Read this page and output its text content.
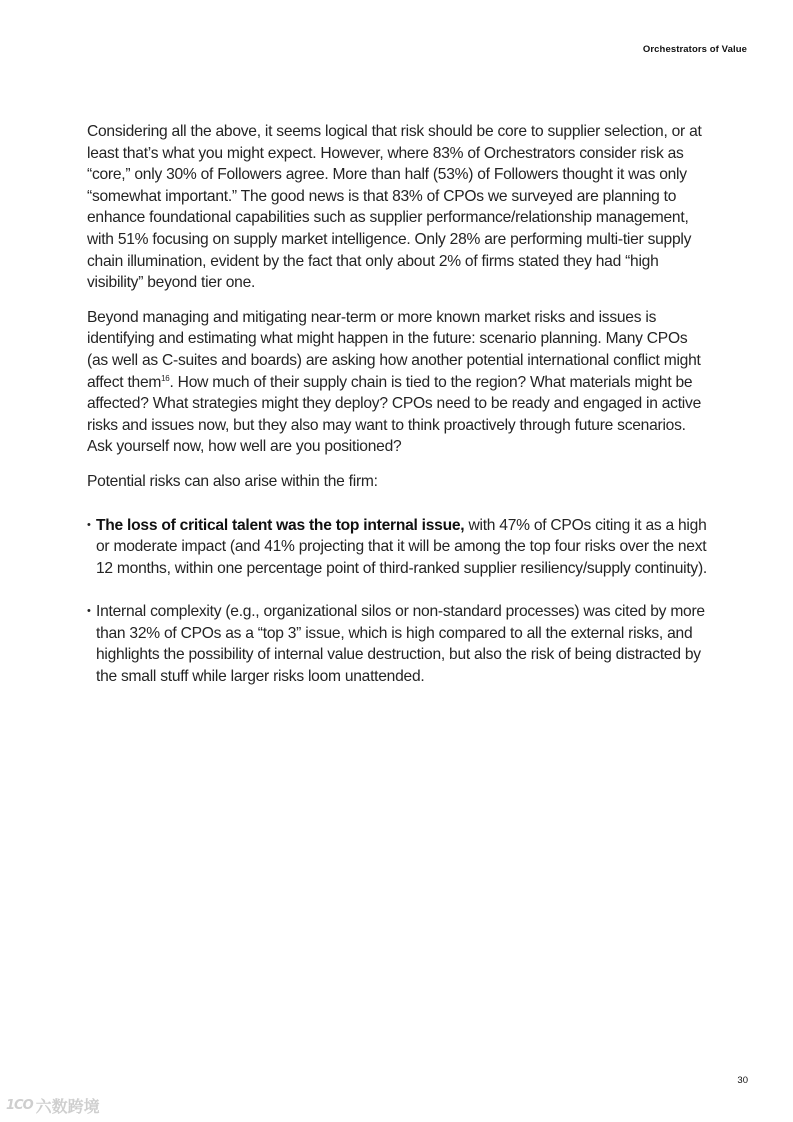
Orchestrators of Value

Considering all the above, it seems logical that risk should be core to supplier selection, or at least that’s what you might expect. However, where 83% of Orchestrators consider risk as “core,” only 30% of Followers agree. More than half (53%) of Followers thought it was only “somewhat important.” The good news is that 83% of CPOs we surveyed are planning to enhance foundational capabilities such as supplier performance/relationship management, with 51% focusing on supply market intelligence. Only 28% are performing multi-tier supply chain illumination, evident by the fact that only about 2% of firms stated they had “high visibility” beyond tier one.

Beyond managing and mitigating near-term or more known market risks and issues is identifying and estimating what might happen in the future: scenario planning. Many CPOs (as well as C-suites and boards) are asking how another potential international conflict might affect them$^{16}$. How much of their supply chain is tied to the region? What materials might be affected? What strategies might they deploy? CPOs need to be ready and engaged in active risks and issues now, but they also may want to think proactively through future scenarios. Ask yourself now, how well are you positioned?

Potential risks can also arise within the firm:

• The loss of critical talent was the top internal issue, with 47% of CPOs citing it as a high or moderate impact (and 41% projecting that it will be among the top four risks over the next 12 months, within one percentage point of third-ranked supplier resiliency/supply continuity).
• Internal complexity (e.g., organizational silos or non-standard processes) was cited by more than 32% of CPOs as a “top 3” issue, which is high compared to all the external risks, and highlights the possibility of internal value destruction, but also the risk of being distracted by the small stuff while larger risks loom unattended.
30
1CO 六数跨境
